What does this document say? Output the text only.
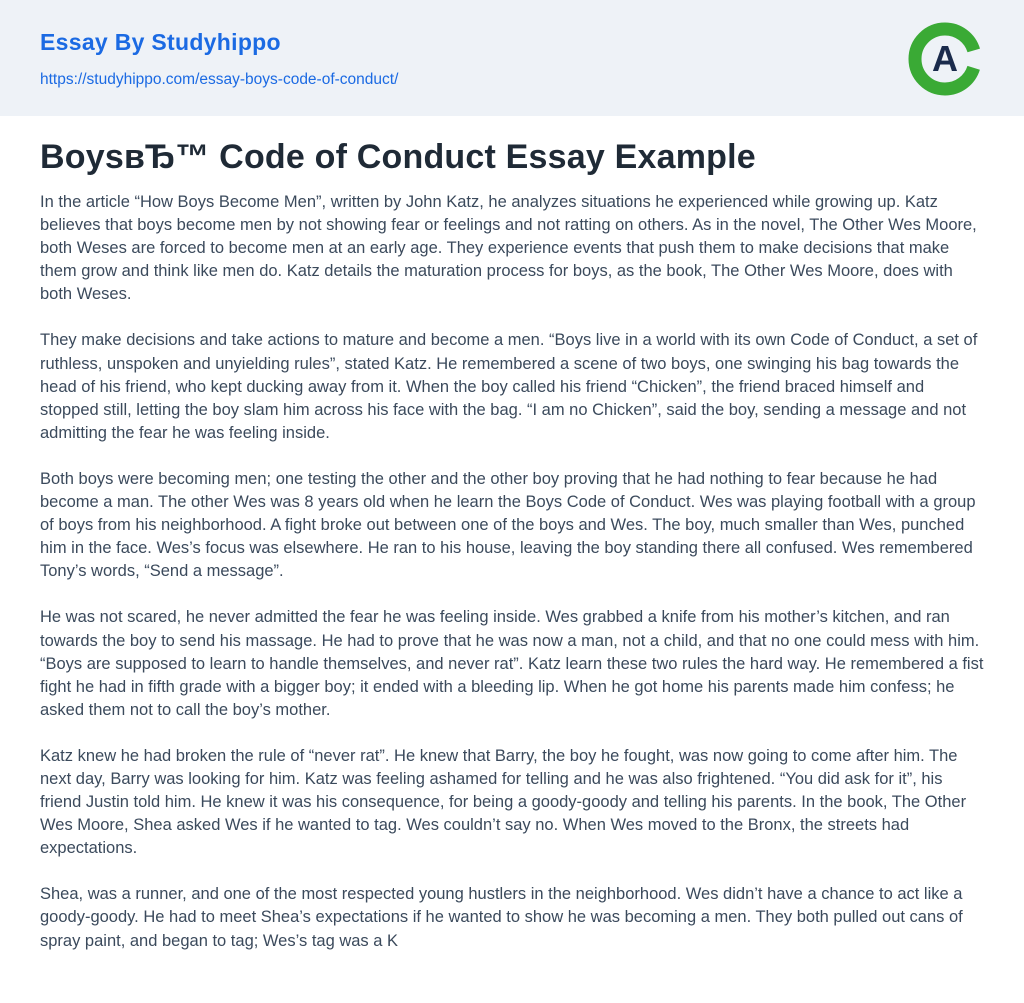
Essay By Studyhippo
https://studyhippo.com/essay-boys-code-of-conduct/
A
BoysвЂ™ Code of Conduct Essay Example

In the article “How Boys Become Men”, written by John Katz, he analyzes situations he experienced while growing up. Katz believes that boys become men by not showing fear or feelings and not ratting on others. As in the novel, The Other Wes Moore, both Weses are forced to become men at an early age. They experience events that push them to make decisions that make them grow and think like men do. Katz details the maturation process for boys, as the book, The Other Wes Moore, does with both Weses.

They make decisions and take actions to mature and become a men. “Boys live in a world with its own Code of Conduct, a set of ruthless, unspoken and unyielding rules”, stated Katz. He remembered a scene of two boys, one swinging his bag towards the head of his friend, who kept ducking away from it. When the boy called his friend “Chicken”, the friend braced himself and stopped still, letting the boy slam him across his face with the bag. “I am no Chicken”, said the boy, sending a message and not admitting the fear he was feeling inside.

Both boys were becoming men; one testing the other and the other boy proving that he had nothing to fear because he had become a man. The other Wes was 8 years old when he learn the Boys Code of Conduct. Wes was playing football with a group of boys from his neighborhood. A fight broke out between one of the boys and Wes. The boy, much smaller than Wes, punched him in the face. Wes’s focus was elsewhere. He ran to his house, leaving the boy standing there all confused. Wes remembered Tony’s words, “Send a message”.

He was not scared, he never admitted the fear he was feeling inside. Wes grabbed a knife from his mother’s kitchen, and ran towards the boy to send his massage. He had to prove that he was now a man, not a child, and that no one could mess with him. “Boys are supposed to learn to handle themselves, and never rat”. Katz learn these two rules the hard way. He remembered a fist fight he had in fifth grade with a bigger boy; it ended with a bleeding lip. When he got home his parents made him confess; he asked them not to call the boy’s mother.

Katz knew he had broken the rule of “never rat”. He knew that Barry, the boy he fought, was now going to come after him. The next day, Barry was looking for him. Katz was feeling ashamed for telling and he was also frightened. “You did ask for it”, his friend Justin told him. He knew it was his consequence, for being a goody-goody and telling his parents. In the book, The Other Wes Moore, Shea asked Wes if he wanted to tag. Wes couldn’t say no. When Wes moved to the Bronx, the streets had expectations.

Shea, was a runner, and one of the most respected young hustlers in the neighborhood. Wes didn’t have a chance to act like a goody-goody. He had to meet Shea’s expectations if he wanted to show he was becoming a men. They both pulled out cans of spray paint, and began to tag; Wes’s tag was a K
